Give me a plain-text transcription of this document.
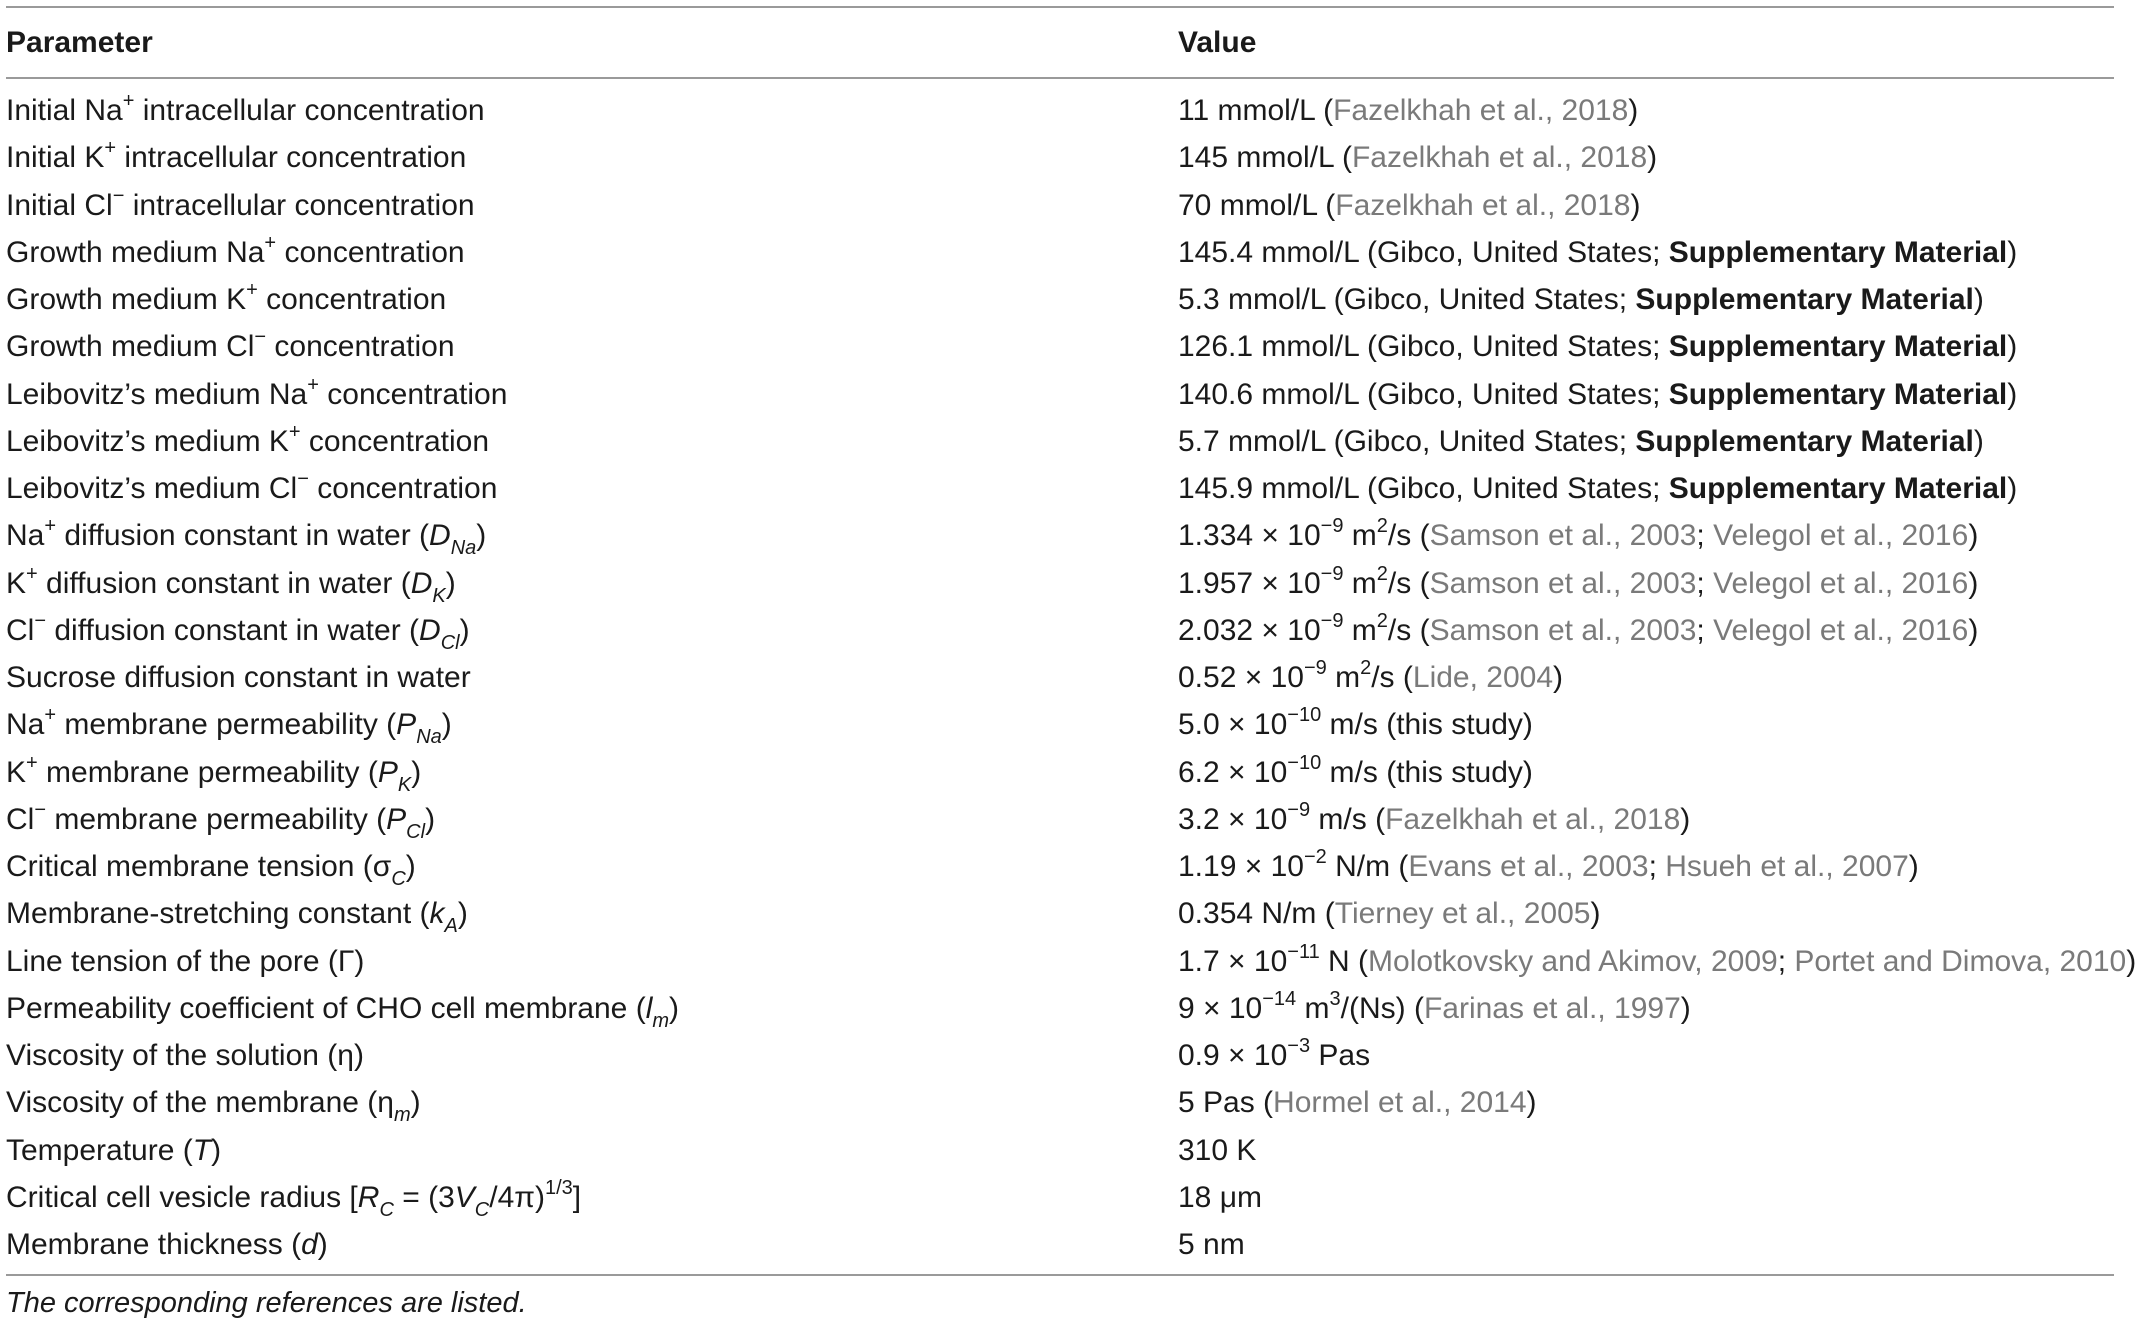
Parameter	Value
Initial Na+ intracellular concentration	11 mmol/L (Fazelkhah et al., 2018)
Initial K+ intracellular concentration	145 mmol/L (Fazelkhah et al., 2018)
Initial Cl− intracellular concentration	70 mmol/L (Fazelkhah et al., 2018)
Growth medium Na+ concentration	145.4 mmol/L (Gibco, United States; Supplementary Material)
Growth medium K+ concentration	5.3 mmol/L (Gibco, United States; Supplementary Material)
Growth medium Cl− concentration	126.1 mmol/L (Gibco, United States; Supplementary Material)
Leibovitz’s medium Na+ concentration	140.6 mmol/L (Gibco, United States; Supplementary Material)
Leibovitz’s medium K+ concentration	5.7 mmol/L (Gibco, United States; Supplementary Material)
Leibovitz’s medium Cl− concentration	145.9 mmol/L (Gibco, United States; Supplementary Material)
Na+ diffusion constant in water $(D_{Na})$	$1.334 \times 10^{-9}$ $m^2/s$ (Samson et al., 2003; Velegol et al., 2016)
K+ diffusion constant in water $(D_K)$	$1.957 \times 10^{-9}$ $m^2/s$ (Samson et al., 2003; Velegol et al., 2016)
Cl− diffusion constant in water $(D_{Cl})$	$2.032 \times 10^{-9}$ $m^2/s$ (Samson et al., 2003; Velegol et al., 2016)
Sucrose diffusion constant in water	$0.52 \times 10^{-9}$ $m^2/s$ (Lide, 2004)
Na+ membrane permeability $(P_{Na})$	$5.0 \times 10^{-10}$ m/s (this study)
K+ membrane permeability $(P_K)$	$6.2 \times 10^{-10}$ m/s (this study)
Cl− membrane permeability $(P_{Cl})$	$3.2 \times 10^{-9}$ m/s (Fazelkhah et al., 2018)
Critical membrane tension $(\sigma_C)$	$1.19 \times 10^{-2}$ N/m (Evans et al., 2003; Hsueh et al., 2007)
Membrane-stretching constant $(k_A)$	0.354 N/m (Tierney et al., 2005)
Line tension of the pore (Γ)	$1.7 \times 10^{-11}$ N (Molotkovsky and Akimov, 2009; Portet and Dimova, 2010)
Permeability coefficient of CHO cell membrane $(l_m)$	$9 \times 10^{-14}$ $m^3/(Ns)$ (Farinas et al., 1997)
Viscosity of the solution (η)	$0.9 \times 10^{-3}$ Pas
Viscosity of the membrane $(\eta_m)$	5 Pas (Hormel et al., 2014)
Temperature (T)	310 K
Critical cell vesicle radius $[R_C = (3V_C/4\pi)^{1/3}]$	18 μm
Membrane thickness (d)	5 nm
The corresponding references are listed.
